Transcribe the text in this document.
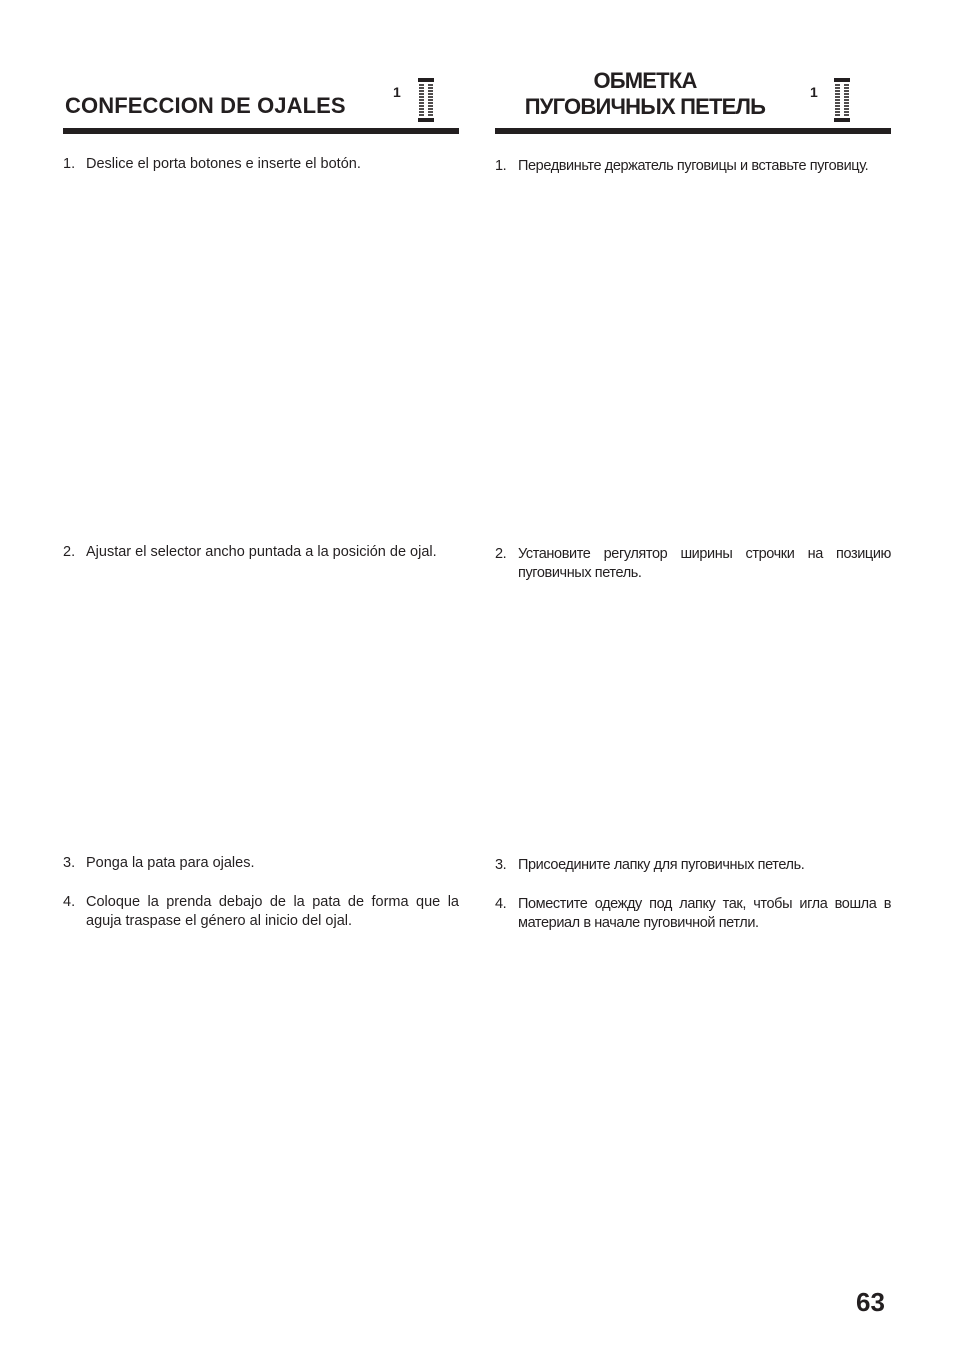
CONFECCION DE OJALES
1
1. Deslice el porta botones e inserte el botón.
2. Ajustar el selector ancho puntada a la posición de ojal.
3. Ponga la pata para ojales.
4. Coloque la prenda debajo de la pata de forma que la aguja traspase el género al inicio del ojal.
ОБМЕТКА
ПУГОВИЧНЫХ ПЕТЕЛЬ
1
1. Передвиньте держатель пуговицы и вставьте пуговицу.
2. Установите регулятор ширины строчки на позицию пуговичных петель.
3. Присоедините лапку для пуговичных петель.
4. Поместите одежду под лапку так, чтобы игла вошла в материал в начале пуговичной петли.
63
